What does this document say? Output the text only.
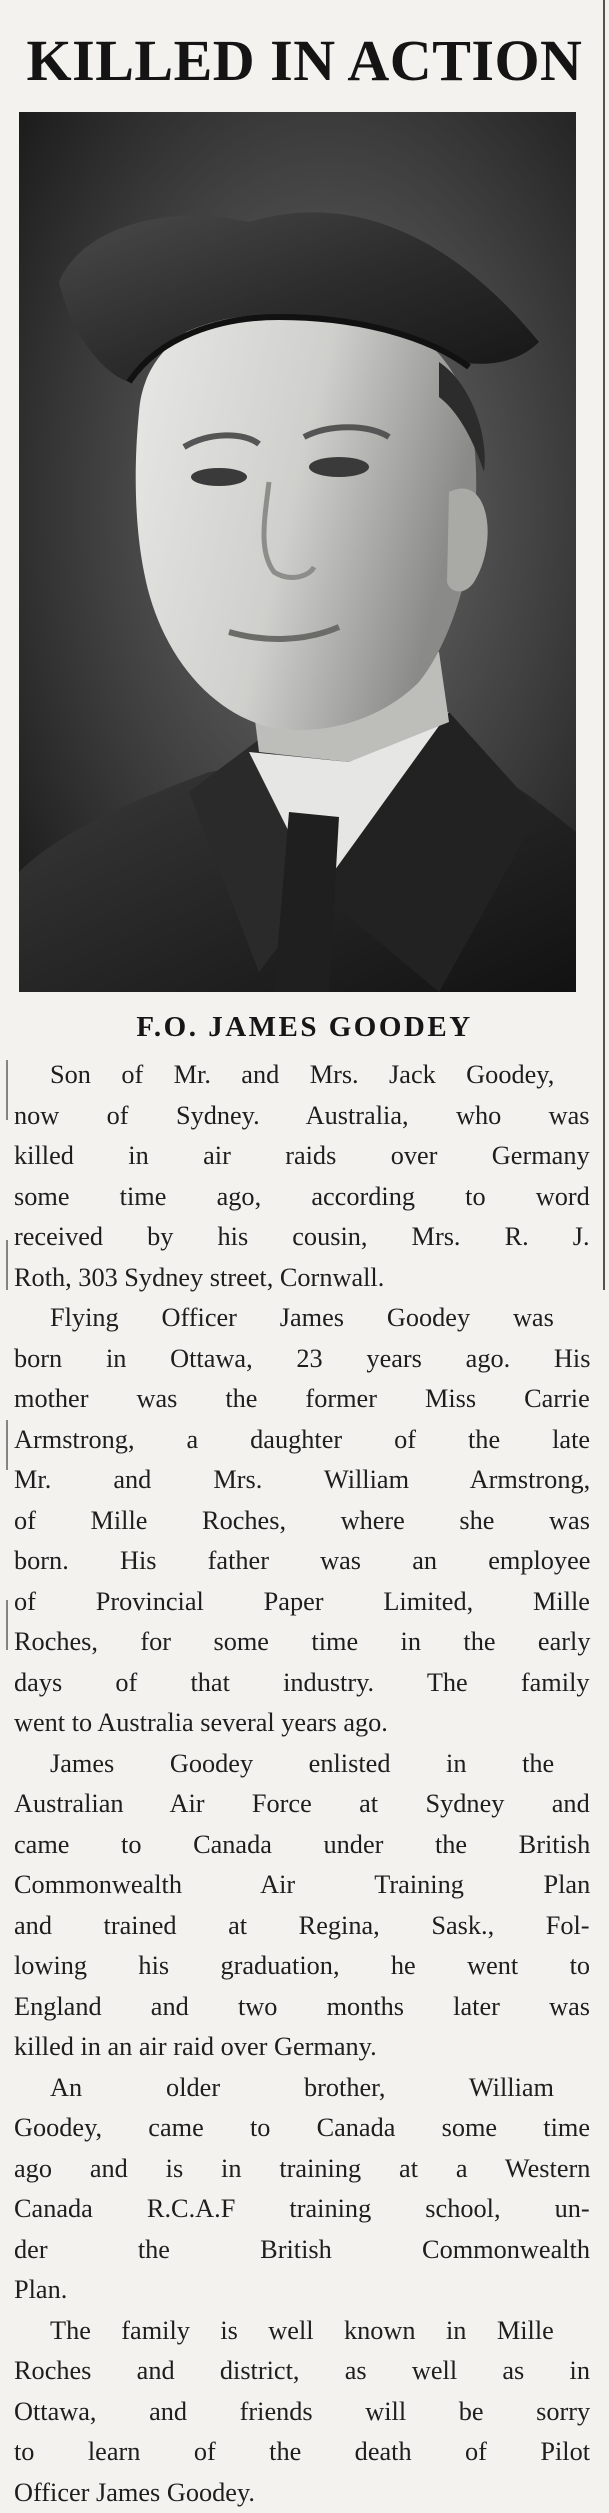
KILLED IN ACTION
F.O. JAMES GOODEY

Son of Mr. and Mrs. Jack Goodey,
now of Sydney. Australia, who was
killed in air raids over Germany
some time ago, according to word
received by his cousin, Mrs. R. J.
Roth, 303 Sydney street, Cornwall.

Flying Officer James Goodey was
born in Ottawa, 23 years ago. His
mother was the former Miss Carrie
Armstrong, a daughter of the late
Mr. and Mrs. William Armstrong,
of Mille Roches, where she was
born. His father was an employee
of Provincial Paper Limited, Mille
Roches, for some time in the early
days of that industry. The family
went to Australia several years ago.

James Goodey enlisted in the
Australian Air Force at Sydney and
came to Canada under the British
Commonwealth Air Training Plan
and trained at Regina, Sask., Fol-
lowing his graduation, he went to
England and two months later was
killed in an air raid over Germany.

An older brother, William
Goodey, came to Canada some time
ago and is in training at a Western
Canada R.C.A.F training school, un-
der the British Commonwealth
Plan.

The family is well known in Mille
Roches and district, as well as in
Ottawa, and friends will be sorry
to learn of the death of Pilot
Officer James Goodey.
